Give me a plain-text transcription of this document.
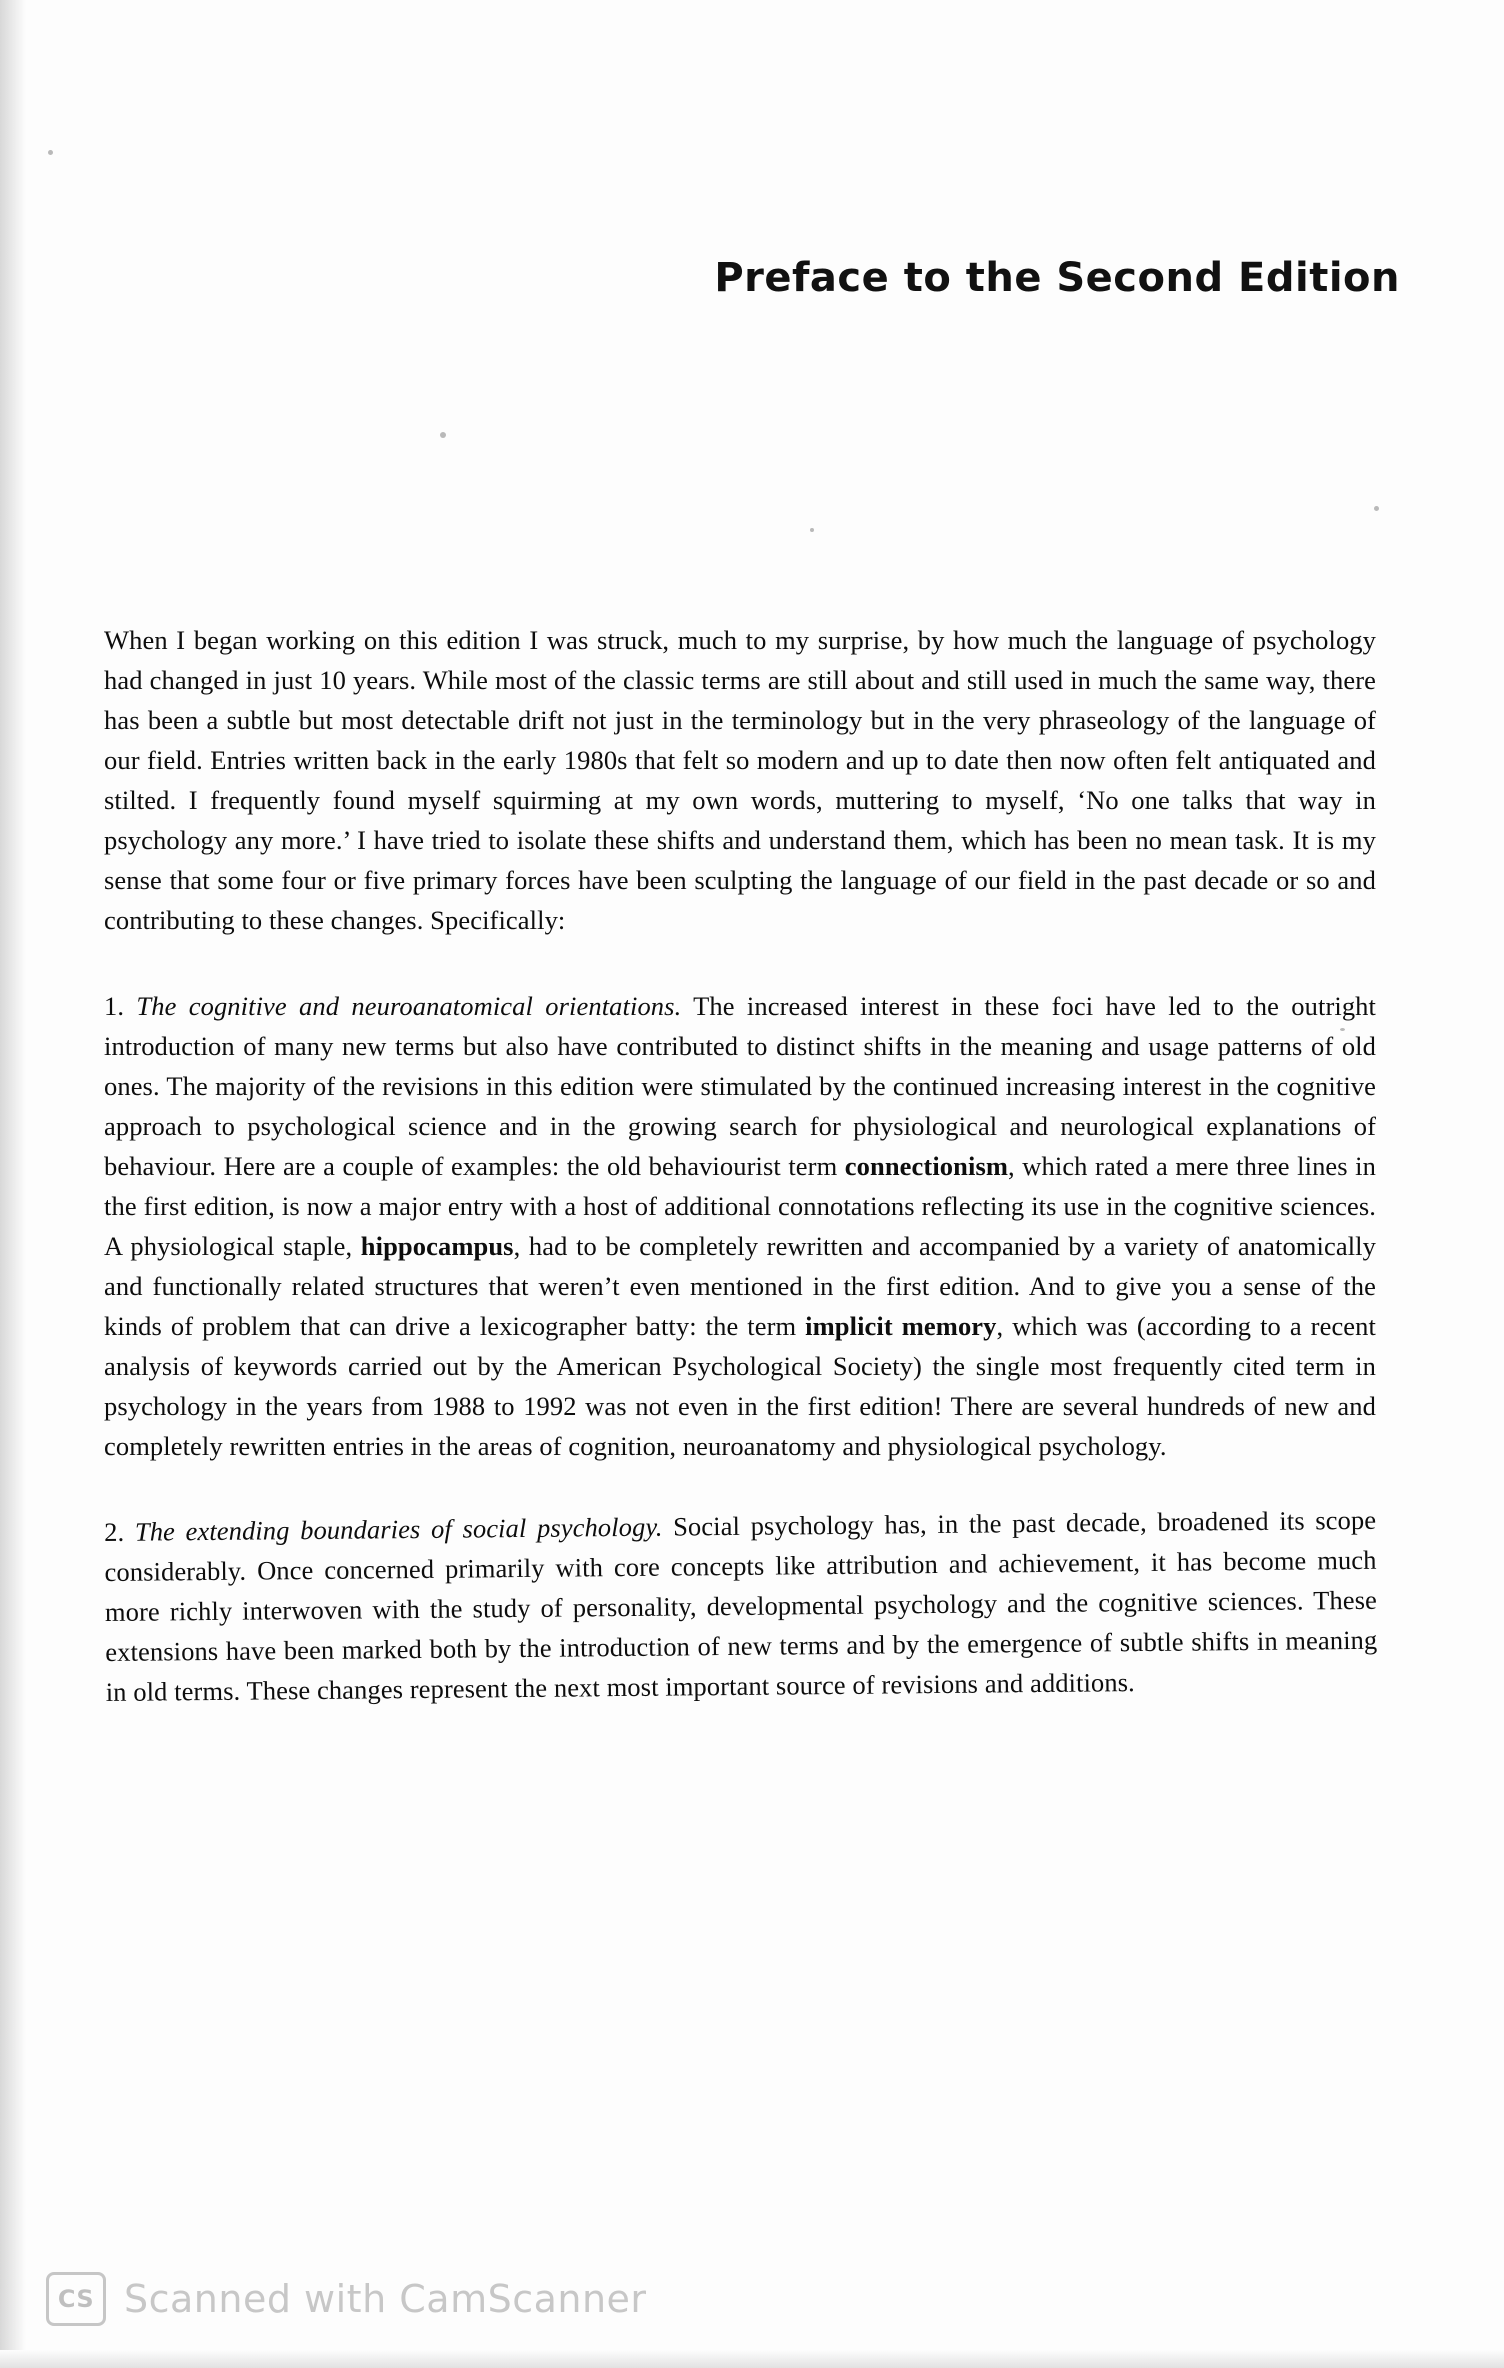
Preface to the Second Edition

When I began working on this edition I was struck, much to my surprise, by how much the language of psychology had changed in just 10 years. While most of the classic terms are still about and still used in much the same way, there has been a subtle but most detectable drift not just in the terminology but in the very phraseology of the language of our field. Entries written back in the early 1980s that felt so modern and up to date then now often felt antiquated and stilted. I frequently found myself squirming at my own words, muttering to myself, ‘No one talks that way in psychology any more.’ I have tried to isolate these shifts and understand them, which has been no mean task. It is my sense that some four or five primary forces have been sculpting the language of our field in the past decade or so and contributing to these changes. Specifically:

1. The cognitive and neuroanatomical orientations. The increased interest in these foci have led to the outright introduction of many new terms but also have contributed to distinct shifts in the meaning and usage patterns of old ones. The majority of the revisions in this edition were stimulated by the continued increasing interest in the cognitive approach to psychological science and in the growing search for physiological and neurological explanations of behaviour. Here are a couple of examples: the old behaviourist term connectionism, which rated a mere three lines in the first edition, is now a major entry with a host of additional connotations reflecting its use in the cognitive sciences. A physiological staple, hippocampus, had to be completely rewritten and accompanied by a variety of anatomically and functionally related structures that weren’t even mentioned in the first edition. And to give you a sense of the kinds of problem that can drive a lexicographer batty: the term implicit memory, which was (according to a recent analysis of keywords carried out by the American Psychological Society) the single most frequently cited term in psychology in the years from 1988 to 1992 was not even in the first edition! There are several hundreds of new and completely rewritten entries in the areas of cognition, neuroanatomy and physiological psychology.

2. The extending boundaries of social psychology. Social psychology has, in the past decade, broadened its scope considerably. Once concerned primarily with core concepts like attribution and achievement, it has become much more richly interwoven with the study of personality, developmental psychology and the cognitive sciences. These extensions have been marked both by the introduction of new terms and by the emergence of subtle shifts in meaning in old terms. These changes represent the next most important source of revisions and additions.

CS Scanned with CamScanner
